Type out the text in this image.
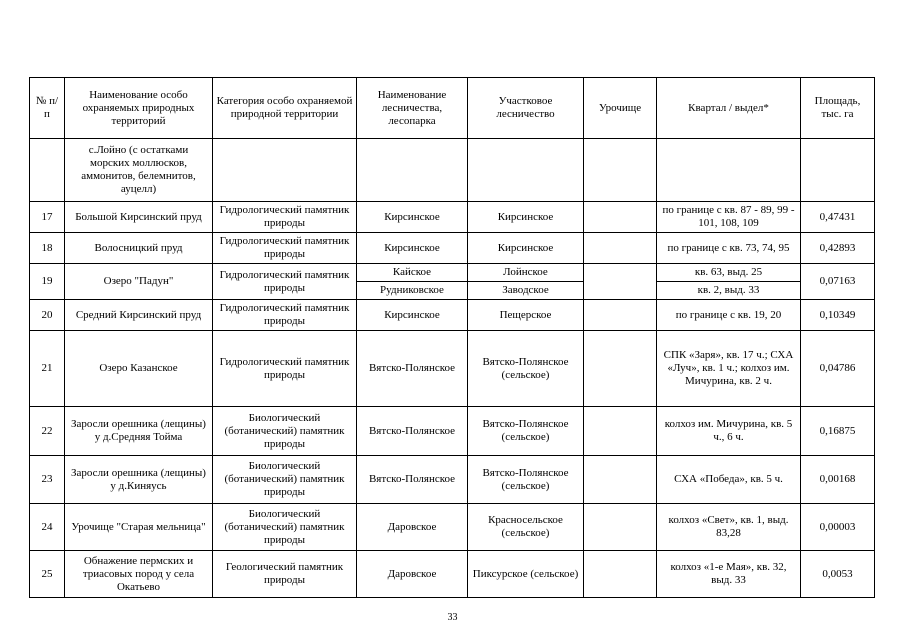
№ п/п	Наименование особо охраняемых природных территорий	Категория особо охраняемой природной территории	Наименование лесничества, лесопарка	Участковое лесничество	Урочище	Квартал / выдел*	Площадь, тыс. га
	с.Лойно (с остатками морских моллюсков, аммонитов, белемнитов, ауцелл)						
17	Большой Кирсинский пруд	Гидрологический памятник природы	Кирсинское	Кирсинское		по границе с кв. 87 - 89, 99 - 101, 108, 109	0,47431
18	Волосницкий пруд	Гидрологический памятник природы	Кирсинское	Кирсинское		по границе с кв. 73, 74, 95	0,42893
19	Озеро "Падун"	Гидрологический памятник природы	Кайское	Лойнское		кв. 63, выд. 25	0,07163
			Рудниковское	Заводское		кв. 2, выд. 33	
20	Средний Кирсинский пруд	Гидрологический памятник природы	Кирсинское	Пещерское		по границе с кв. 19, 20	0,10349
21	Озеро Казанское	Гидрологический памятник природы	Вятско-Полянское	Вятско-Полянское (сельское)		СПК «Заря», кв. 17 ч.; СХА «Луч», кв. 1 ч.; колхоз им. Мичурина, кв. 2 ч.	0,04786
22	Заросли орешника (лещины) у д.Средняя Тойма	Биологический (ботанический) памятник природы	Вятско-Полянское	Вятско-Полянское (сельское)		колхоз им. Мичурина, кв. 5 ч., 6 ч.	0,16875
23	Заросли орешника (лещины) у д.Киняусь	Биологический (ботанический) памятник природы	Вятско-Полянское	Вятско-Полянское (сельское)		СХА «Победа», кв. 5 ч.	0,00168
24	Урочище "Старая мельница"	Биологический (ботанический) памятник природы	Даровское	Красносельское (сельское)		колхоз «Свет», кв. 1, выд. 83,28	0,00003
25	Обнажение пермских и триасовых пород у села Окатьево	Геологический памятник природы	Даровское	Пиксурское (сельское)		колхоз «1-е Мая», кв. 32, выд. 33	0,0053
33
